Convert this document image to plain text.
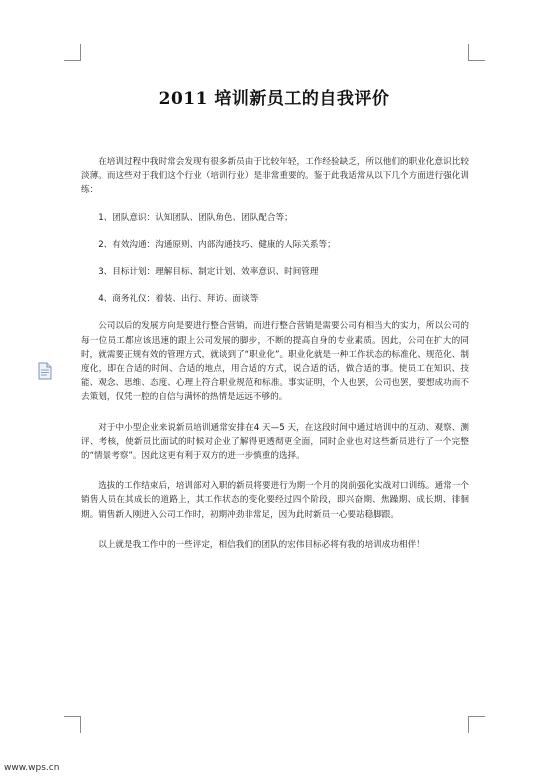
2011 培训新员工的自我评价

在培训过程中我时常会发现有很多新员由于比较年轻，工作经验缺乏，所以他们的职业化意识比较淡薄。而这些对于我们这个行业（培训行业）是非常重要的。鉴于此我适常从以下几个方面进行强化训练：

1、团队意识：认知团队、团队角色、团队配合等；

2、有效沟通：沟通原则、内部沟通技巧、健康的人际关系等；

3、目标计划：理解目标、制定计划、效率意识、时间管理

4、商务礼仪：着装、出行、拜访、面谈等

公司以后的发展方向是要进行整合营销，而进行整合营销是需要公司有相当大的实力，所以公司的每一位员工都应该迅速的跟上公司发展的脚步，不断的提高自身的专业素质。因此，公司在扩大的同时，就需要正规有效的管理方式，就谈到了“职业化”。职业化就是一种工作状态的标准化、规范化、制度化，即在合适的时间、合适的地点，用合适的方式，说合适的话，做合适的事。使员工在知识、技能、观念、思维、态度、心理上符合职业规范和标准。事实证明，个人也罢，公司也罢，要想成功而不去策划，仅凭一腔的自信与满怀的热情是远远不够的。

对于中小型企业来说新员培训通常安排在4 天—5 天，在这段时间中通过培训中的互动、观察、测评、考核，使新员比面试的时候对企业了解得更透彻更全面，同时企业也对这些新员进行了一个完整的“情景考察”。因此这更有利于双方的进一步慎重的选择。

选拔的工作结束后，培训部对入职的新员将要进行为期一个月的岗前强化实战对口训练。通常一个销售人员在其成长的道路上，其工作状态的变化要经过四个阶段，即兴奋期、焦躁期、成长期、徘徊期。销售新人刚进入公司工作时，初期冲劲非常足，因为此时新员一心要站稳脚跟。

以上就是我工作中的一些评定，相信我们的团队的宏伟目标必将有我的培训成功相伴！

www.wps.cn
